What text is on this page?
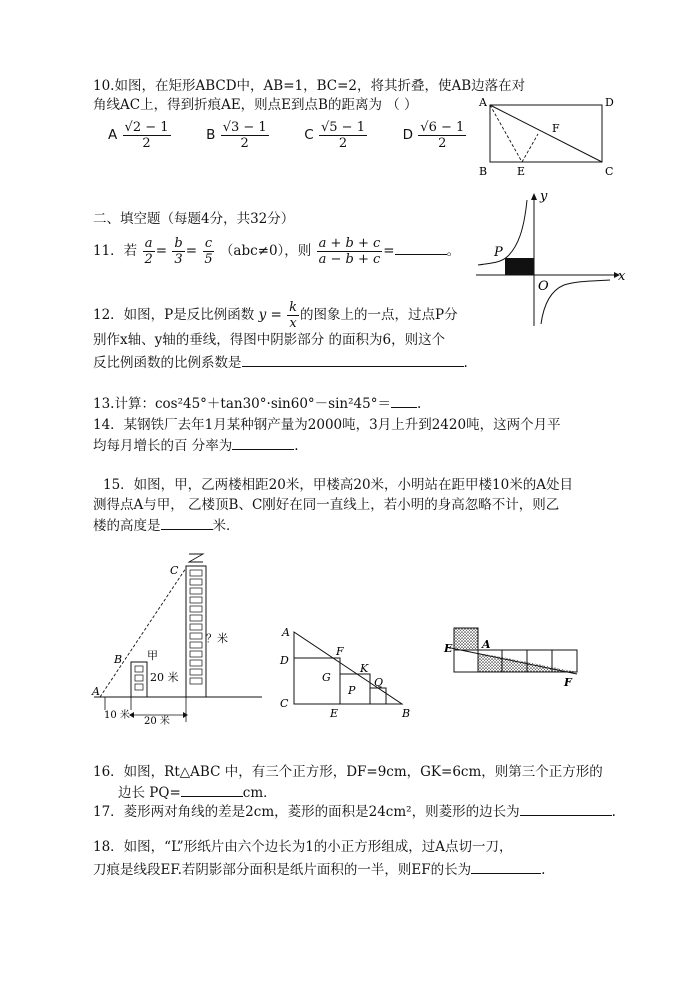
10.如图，在矩形ABCD中，AB=1，BC=2，将其折叠，使AB边落在对
角线AC上，得到折痕AE，则点E到点B的距离为 （ ）
A $\frac{√2 - 1}{2}$	B $\frac{√3 - 1}{2}$	C $\frac{√5 - 1}{2}$	D $\frac{√6 - 1}{2}$
A	D
B	E	C
F
二、填空题（每题4分，共32分）
11．若 $\frac{a}{2} = \frac{b}{3} = \frac{c}{5} (abc\ne 0)$，则 $\frac{a + b + c}{a - b + c}$ =	。	P
O
x
y
12．如图，P是反比例函数 $y = \frac{k}{x}$ 的图象上的一点，过点P分
别作x轴、y轴的垂线，得图中阴影部分 的面积为6，则这个
反比例函数的比例系数是	.
13.计算：cos²45°＋tan30°·sin60°－sin²45°＝ .
14．某钢铁厂去年1月某种钢产量为2000吨，3月上升到2420吨，这两个月平
均每月增长的百 分率为	.
15．如图，甲，乙两楼相距20米，甲楼高20米，小明站在距甲楼10米的A处目
测得点A与甲， 乙楼顶B、C刚好在同一直线上，若小明的身高忽略不计，则乙
楼的高度是	米．
A
B
C
甲
20 米
？米
10 米
20 米
A
D
C
F
G
K
P
Q
E	B
E	A
F
16．如图，Rt△ABC 中，有三个正方形，DF=9cm，GK=6cm，则第三个正方形的
边长 PQ=	cm．
17．菱形两对角线的差是2cm，菱形的面积是24cm²，则菱形的边长为	.
18．如图，“L”形纸片由六个边长为1的小正方形组成，过A点切一刀，
刀痕是线段EF.若阴影部分面积是纸片面积的一半，则EF的长为	.
